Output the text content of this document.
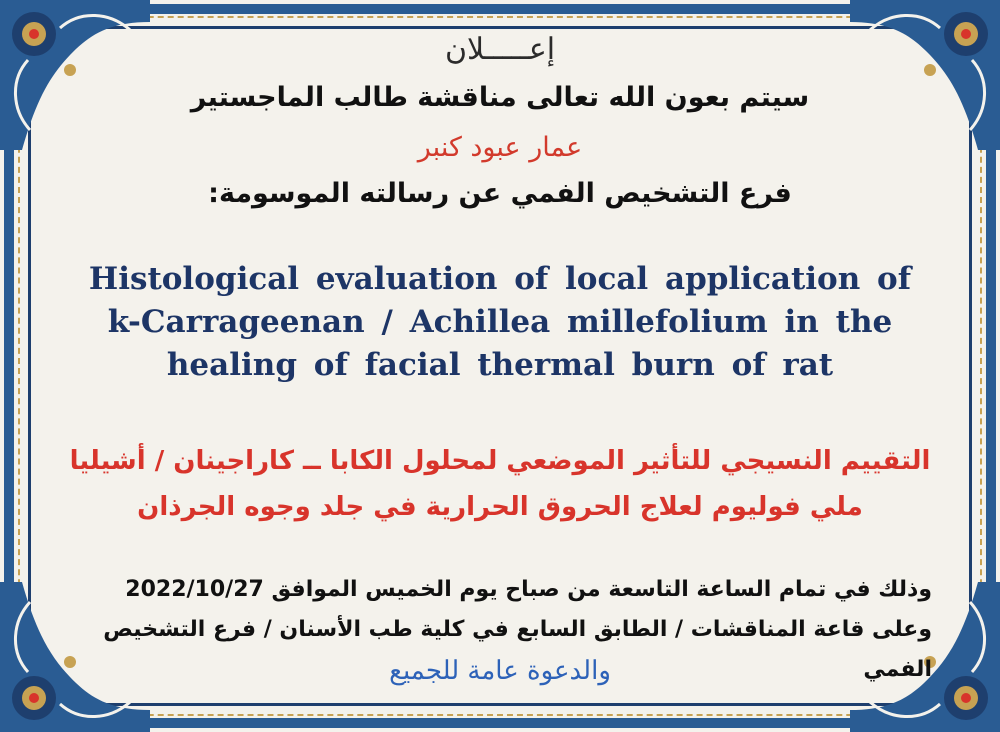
إعـــــلان
سيتم بعون الله تعالى مناقشة طالب الماجستير
عمار عبود كنبر
فرع التشخيص الفمي عن رسالته الموسومة:
Histological evaluation of local application of k-Carrageenan / Achillea millefolium in the healing of facial thermal burn of rat
التقييم النسيجي للتأثير الموضعي لمحلول الكابا ــ كاراجينان / أشيليا
ملي فوليوم لعلاج الحروق الحرارية في جلد وجوه الجرذان
وذلك في تمام الساعة التاسعة من صباح يوم الخميس الموافق 2022/10/27
وعلى قاعة المناقشات / الطابق السابع في كلية طب الأسنان / فرع التشخيص الفمي
والدعوة عامة للجميع
